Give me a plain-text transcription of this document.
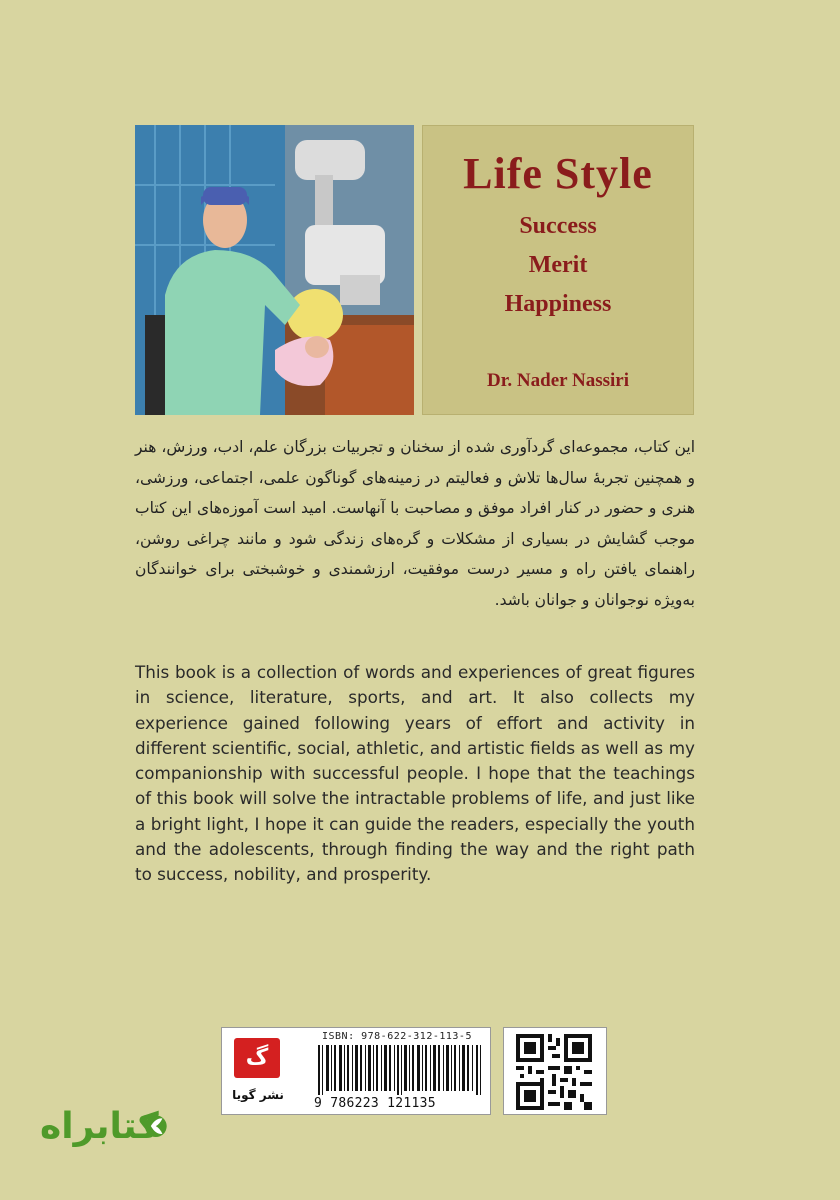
Life Style
Success
Merit
Happiness
Dr. Nader Nassiri
این کتاب، مجموعه‌ای گردآوری شده از سخنان و تجربیات بزرگان علم، ادب، ورزش، هنر و همچنین تجربهٔ سال‌ها تلاش و فعالیتم در زمینه‌های گوناگون علمی، اجتماعی، ورزشی، هنری و حضور در کنار افراد موفق و مصاحبت با آنهاست. امید است آموزه‌های این کتاب موجب گشایش در بسیاری از مشکلات و گره‌های زندگی شود و مانند چراغی روشن، راهنمای یافتن راه و مسیر درست موفقیت، ارزشمندی و خوشبختی برای خوانندگان به‌ویژه نوجوانان و جوانان باشد.
This book is a collection of words and experiences of great figures in science, literature, sports, and art. It also collects my experience gained following years of effort and activity in different scientific, social, athletic, and artistic fields as well as my companionship with successful people. I hope that the teachings of this book will solve the intractable problems of life, and just like a bright light, I hope it can guide the readers, especially the youth and the adolescents, through finding the way and the right path to success, nobility, and prosperity.
گ
نشر گویا
ISBN: 978-622-312-113-5
9 786223 121135
کتابراه
